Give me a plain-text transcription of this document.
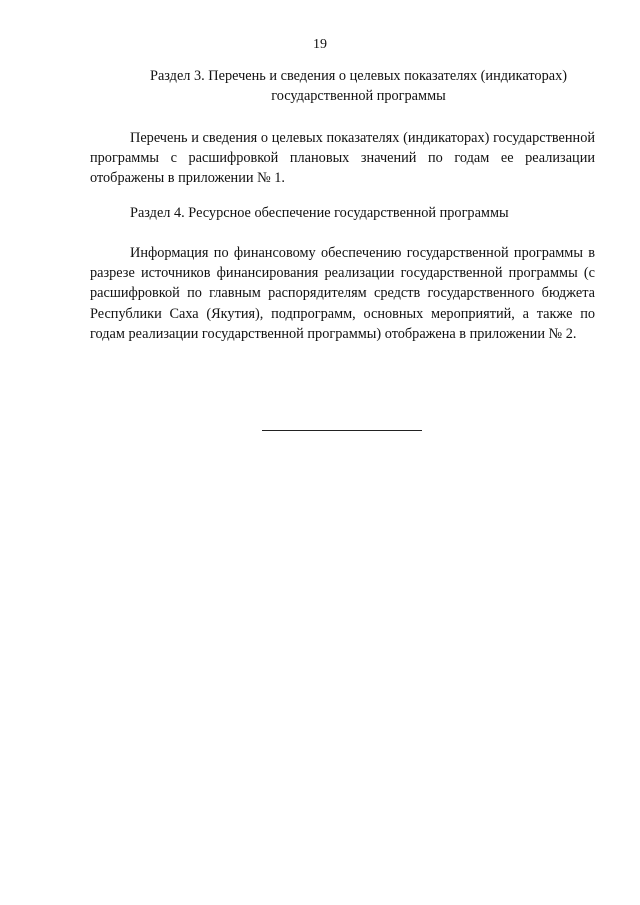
19
Раздел 3. Перечень и сведения о целевых показателях (индикаторах)
государственной программы

Перечень и сведения о целевых показателях (индикаторах) государственной программы с расшифровкой плановых значений по годам ее реализации отображены в приложении № 1.

Раздел 4. Ресурсное обеспечение государственной программы

Информация по финансовому обеспечению государственной программы в разрезе источников финансирования реализации государственной программы (с расшифровкой по главным распорядителям средств государственного бюджета Республики Саха (Якутия), подпрограмм, основных мероприятий, а также по годам реализации государственной программы) отображена в приложении № 2.
